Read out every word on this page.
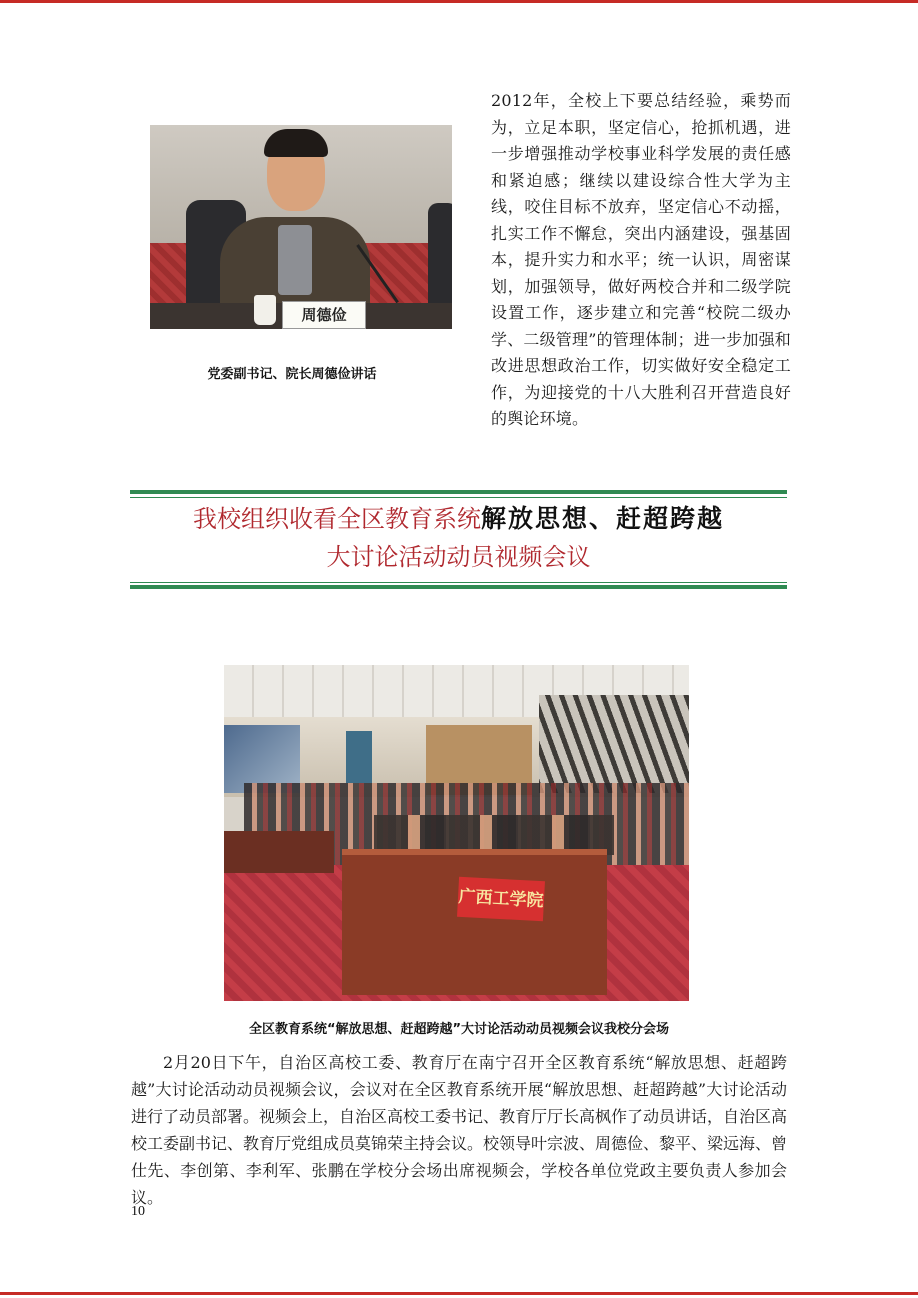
周德俭
党委副书记、院长周德俭讲话
2012年，全校上下要总结经验，乘势而为，立足本职，坚定信心，抢抓机遇，进一步增强推动学校事业科学发展的责任感和紧迫感；继续以建设综合性大学为主线，咬住目标不放弃，坚定信心不动摇，扎实工作不懈怠，突出内涵建设，强基固本，提升实力和水平；统一认识，周密谋划，加强领导，做好两校合并和二级学院设置工作，逐步建立和完善“校院二级办学、二级管理”的管理体制；进一步加强和改进思想政治工作，切实做好安全稳定工作，为迎接党的十八大胜利召开营造良好的舆论环境。
我校组织收看全区教育系统解放思想、赶超跨越
大讨论活动动员视频会议
广西工学院
全区教育系统“解放思想、赶超跨越”大讨论活动动员视频会议我校分会场
2月20日下午，自治区高校工委、教育厅在南宁召开全区教育系统“解放思想、赶超跨越”大讨论活动动员视频会议，会议对在全区教育系统开展“解放思想、赶超跨越”大讨论活动进行了动员部署。视频会上，自治区高校工委书记、教育厅厅长高枫作了动员讲话，自治区高校工委副书记、教育厅党组成员莫锦荣主持会议。校领导叶宗波、周德俭、黎平、梁远海、曾仕先、李创第、李利军、张鹏在学校分会场出席视频会，学校各单位党政主要负责人参加会议。
10
